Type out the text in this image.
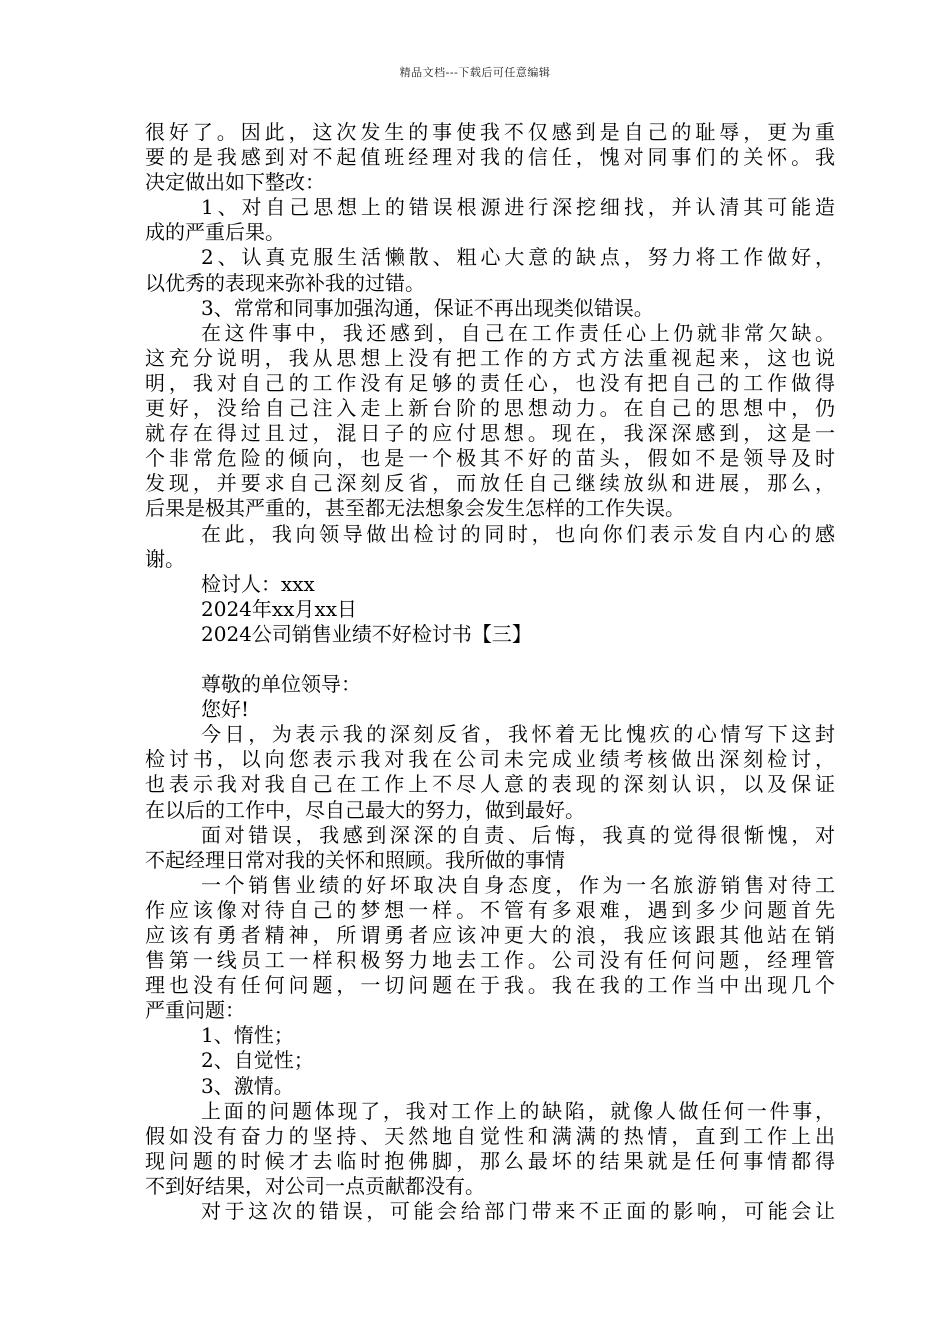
精品文档---下载后可任意编辑
很好了。因此，这次发生的事使我不仅感到是自己的耻辱，更为重
要的是我感到对不起值班经理对我的信任，愧对同事们的关怀。我
决定做出如下整改：
1、对自己思想上的错误根源进行深挖细找，并认清其可能造
成的严重后果。
2、认真克服生活懒散、粗心大意的缺点，努力将工作做好，
以优秀的表现来弥补我的过错。
3、常常和同事加强沟通，保证不再出现类似错误。
在这件事中，我还感到，自己在工作责任心上仍就非常欠缺。
这充分说明，我从思想上没有把工作的方式方法重视起来，这也说
明，我对自己的工作没有足够的责任心，也没有把自己的工作做得
更好，没给自己注入走上新台阶的思想动力。在自己的思想中，仍
就存在得过且过，混日子的应付思想。现在，我深深感到，这是一
个非常危险的倾向，也是一个极其不好的苗头，假如不是领导及时
发现，并要求自己深刻反省，而放任自己继续放纵和进展，那么，
后果是极其严重的，甚至都无法想象会发生怎样的工作失误。
在此，我向领导做出检讨的同时，也向你们表示发自内心的感
谢。
检讨人：xxx
2024年xx月xx日
2024公司销售业绩不好检讨书【三】
尊敬的单位领导：
您好!
今日，为表示我的深刻反省，我怀着无比愧疚的心情写下这封
检讨书，以向您表示我对我在公司未完成业绩考核做出深刻检讨，
也表示我对我自己在工作上不尽人意的表现的深刻认识，以及保证
在以后的工作中，尽自己最大的努力，做到最好。
面对错误，我感到深深的自责、后悔，我真的觉得很惭愧，对
不起经理日常对我的关怀和照顾。我所做的事情
一个销售业绩的好坏取决自身态度，作为一名旅游销售对待工
作应该像对待自己的梦想一样。不管有多艰难，遇到多少问题首先
应该有勇者精神，所谓勇者应该冲更大的浪，我应该跟其他站在销
售第一线员工一样积极努力地去工作。公司没有任何问题，经理管
理也没有任何问题，一切问题在于我。我在我的工作当中出现几个
严重问题：
1、惰性；
2、自觉性；
3、激情。
上面的问题体现了，我对工作上的缺陷，就像人做任何一件事，
假如没有奋力的坚持、天然地自觉性和满满的热情，直到工作上出
现问题的时候才去临时抱佛脚，那么最坏的结果就是任何事情都得
不到好结果，对公司一点贡献都没有。
对于这次的错误，可能会给部门带来不正面的影响，可能会让
